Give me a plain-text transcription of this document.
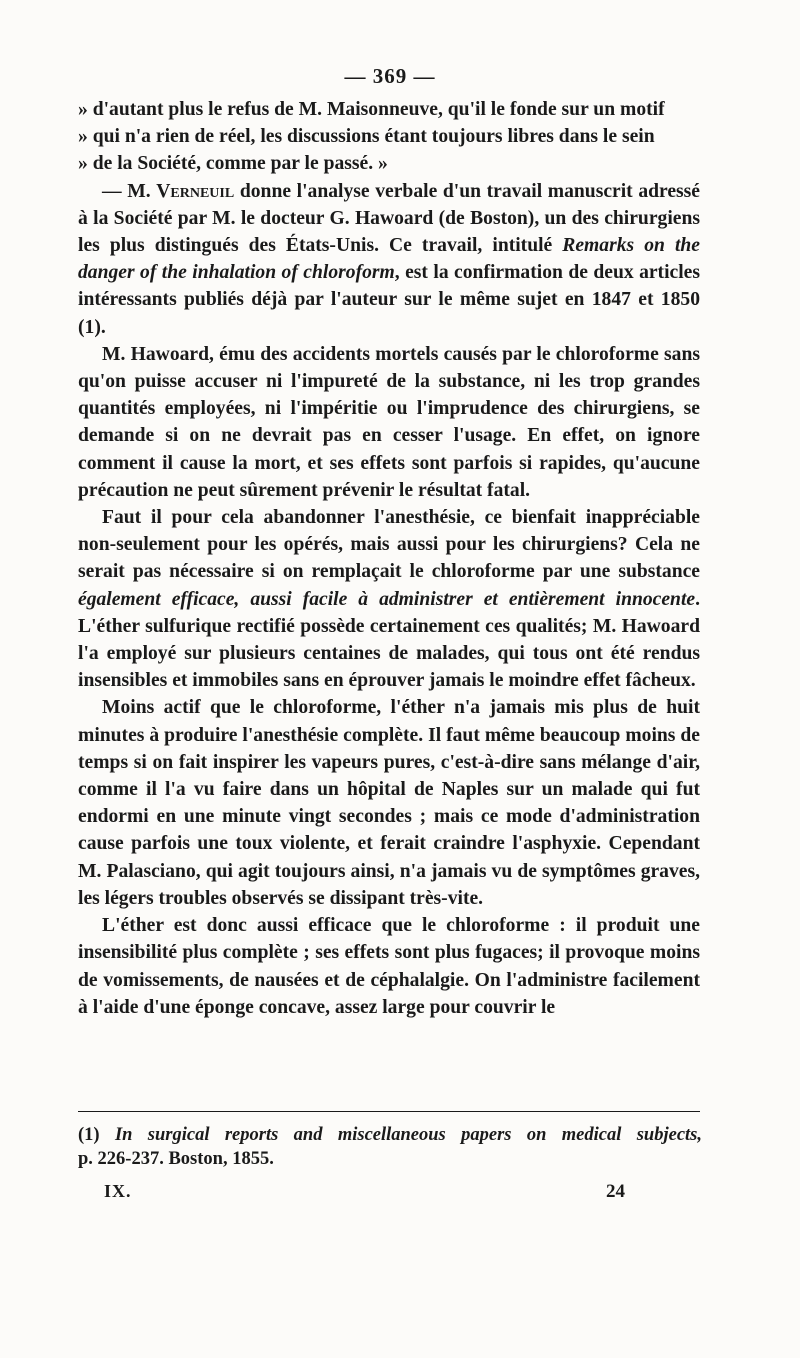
— 369 —

» d'autant plus le refus de M. Maisonneuve, qu'il le fonde sur un motif

» qui n'a rien de réel, les discussions étant toujours libres dans le sein

» de la Société, comme par le passé. »

— M. Verneuil donne l'analyse verbale d'un travail manuscrit adressé à la Société par M. le docteur G. Hawoard (de Boston), un des chirurgiens les plus distingués des États-Unis. Ce travail, intitulé Remarks on the danger of the inhalation of chloroform, est la confirmation de deux articles intéressants publiés déjà par l'auteur sur le même sujet en 1847 et 1850 (1).

M. Hawoard, ému des accidents mortels causés par le chloroforme sans qu'on puisse accuser ni l'impureté de la substance, ni les trop grandes quantités employées, ni l'impéritie ou l'imprudence des chirurgiens, se demande si on ne devrait pas en cesser l'usage. En effet, on ignore comment il cause la mort, et ses effets sont parfois si rapides, qu'aucune précaution ne peut sûrement prévenir le résultat fatal.

Faut il pour cela abandonner l'anesthésie, ce bienfait inappréciable non-seulement pour les opérés, mais aussi pour les chirurgiens? Cela ne serait pas nécessaire si on remplaçait le chloroforme par une substance également efficace, aussi facile à administrer et entièrement innocente. L'éther sulfurique rectifié possède certainement ces qualités; M. Hawoard l'a employé sur plusieurs centaines de malades, qui tous ont été rendus insensibles et immobiles sans en éprouver jamais le moindre effet fâcheux.

Moins actif que le chloroforme, l'éther n'a jamais mis plus de huit minutes à produire l'anesthésie complète. Il faut même beaucoup moins de temps si on fait inspirer les vapeurs pures, c'est-à-dire sans mélange d'air, comme il l'a vu faire dans un hôpital de Naples sur un malade qui fut endormi en une minute vingt secondes ; mais ce mode d'administration cause parfois une toux violente, et ferait craindre l'asphyxie. Cependant M. Palasciano, qui agit toujours ainsi, n'a jamais vu de symptômes graves, les légers troubles observés se dissipant très-vite.

L'éther est donc aussi efficace que le chloroforme : il produit une insensibilité plus complète ; ses effets sont plus fugaces; il provoque moins de vomissements, de nausées et de céphalalgie. On l'administre facilement à l'aide d'une éponge concave, assez large pour couvrir le

(1) In surgical reports and miscellaneous papers on medical subjects,
p. 226-237. Boston, 1855.
IX.	24
